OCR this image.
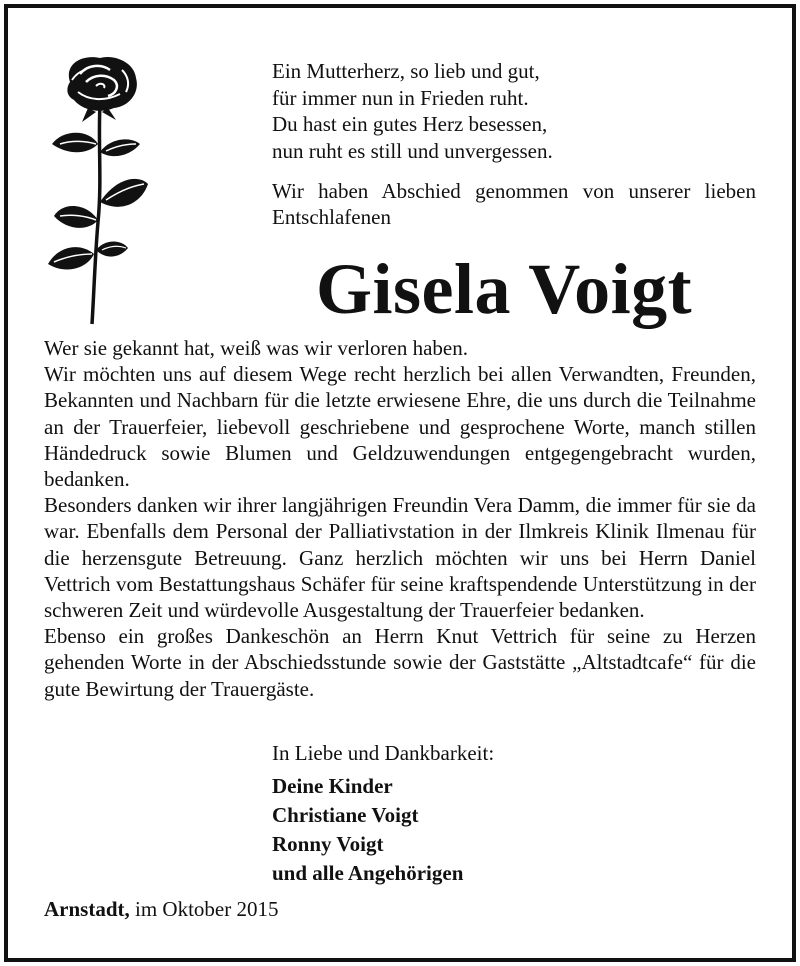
Ein Mutterherz, so lieb und gut,
für immer nun in Frieden ruht.
Du hast ein gutes Herz besessen,
nun ruht es still und unvergessen.
Wir haben Abschied genommen von unserer lieben Entschlafenen
Gisela Voigt
Wer sie gekannt hat, weiß was wir verloren haben.
Wir möchten uns auf diesem Wege recht herzlich bei allen Verwandten, Freunden, Bekannten und Nachbarn für die letzte erwiesene Ehre, die uns durch die Teilnahme an der Trauerfeier, liebevoll geschriebene und gesprochene Worte, manch stillen Händedruck sowie Blumen und Geldzuwendungen entgegengebracht wurden, bedanken.
Besonders danken wir ihrer langjährigen Freundin Vera Damm, die immer für sie da war. Ebenfalls dem Personal der Palliativstation in der Ilmkreis Klinik Ilmenau für die herzensgute Betreuung. Ganz herzlich möchten wir uns bei Herrn Daniel Vettrich vom Bestattungshaus Schäfer für seine kraftspendende Unterstützung in der schweren Zeit und würdevolle Ausgestaltung der Trauerfeier bedanken.
Ebenso ein großes Dankeschön an Herrn Knut Vettrich für seine zu Herzen gehenden Worte in der Abschiedsstunde sowie der Gaststätte „Altstadtcafe“ für die gute Bewirtung der Trauergäste.
In Liebe und Dankbarkeit:
Deine Kinder
Christiane Voigt
Ronny Voigt
und alle Angehörigen
Arnstadt, im Oktober 2015
